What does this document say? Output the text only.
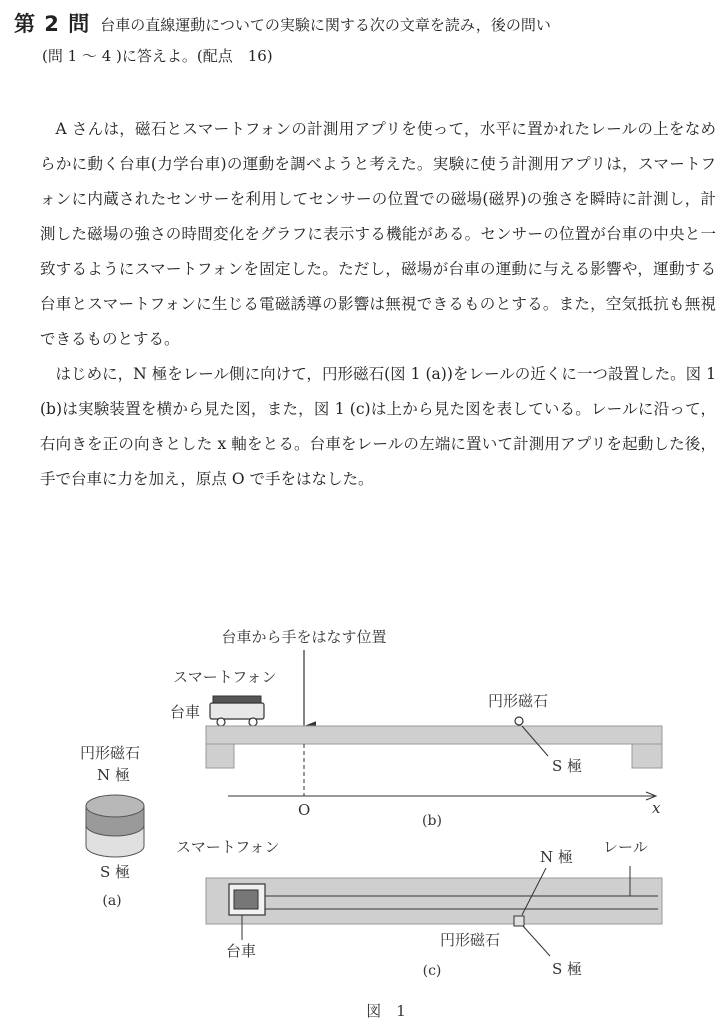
第 2 問 台車の直線運動についての実験に関する次の文章を読み，後の問い
(問 1 ～ 4 )に答えよ。(配点　16)

A さんは，磁石とスマートフォンの計測用アプリを使って，水平に置かれたレールの上をなめらかに動く台車(力学台車)の運動を調べようと考えた。実験に使う計測用アプリは，スマートフォンに内蔵されたセンサーを利用してセンサーの位置での磁場(磁界)の強さを瞬時に計測し，計測した磁場の強さの時間変化をグラフに表示する機能がある。センサーの位置が台車の中央と一致するようにスマートフォンを固定した。ただし，磁場が台車の運動に与える影響や，運動する台車とスマートフォンに生じる電磁誘導の影響は無視できるものとする。また，空気抵抗も無視できるものとする。

はじめに，N 極をレール側に向けて，円形磁石(図 1 (a))をレールの近くに一つ設置した。図 1 (b)は実験装置を横から見た図，また，図 1 (c)は上から見た図を表している。レールに沿って，右向きを正の向きとした x 軸をとる。台車をレールの左端に置いて計測用アプリを起動した後，手で台車に力を加え，原点 O で手をはなした。

台車から手をはなす位置
スマートフォン
台車
円形磁石
S 極
O	x
(b)
円形磁石
N 極
S 極
(a)
スマートフォン
N 極
レール
台車
円形磁石
S 極
(c)
図　1
